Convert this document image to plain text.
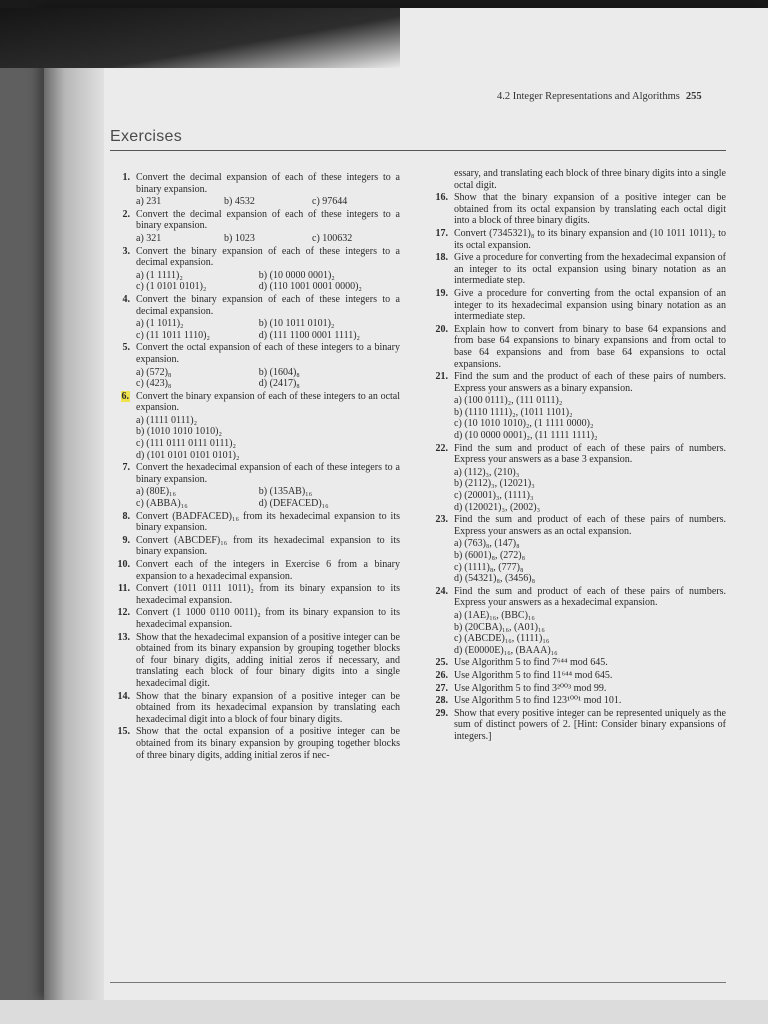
4.2 Integer Representations and Algorithms 255
Exercises
1. Convert the decimal expansion of each of these integers to a binary expansion.
a) 231	b) 4532	c) 97644
2. Convert the decimal expansion of each of these integers to a binary expansion.
a) 321	b) 1023	c) 100632
3. Convert the binary expansion of each of these integers to a decimal expansion.
a) (1 1111)₂	b) (10 0000 0001)₂
c) (1 0101 0101)₂	d) (110 1001 0001 0000)₂
4. Convert the binary expansion of each of these integers to a decimal expansion.
a) (1 1011)₂	b) (10 1011 0101)₂
c) (11 1011 1110)₂	d) (111 1100 0001 1111)₂
5. Convert the octal expansion of each of these integers to a binary expansion.
a) (572)₈	b) (1604)₈
c) (423)₈	d) (2417)₈
6. Convert the binary expansion of each of these integers to an octal expansion.
a) (1111 0111)₂
b) (1010 1010 1010)₂
c) (111 0111 0111 0111)₂
d) (101 0101 0101 0101)₂
7. Convert the hexadecimal expansion of each of these integers to a binary expansion.
a) (80E)₁₆	b) (135AB)₁₆
c) (ABBA)₁₆	d) (DEFACED)₁₆
8. Convert (BADFACED)₁₆ from its hexadecimal expansion to its binary expansion.
9. Convert (ABCDEF)₁₆ from its hexadecimal expansion to its binary expansion.
10. Convert each of the integers in Exercise 6 from a binary expansion to a hexadecimal expansion.
11. Convert (1011 0111 1011)₂ from its binary expansion to its hexadecimal expansion.
12. Convert (1 1000 0110 0011)₂ from its binary expansion to its hexadecimal expansion.
13. Show that the hexadecimal expansion of a positive integer can be obtained from its binary expansion by grouping together blocks of four binary digits, adding initial zeros if necessary, and translating each block of four binary digits into a single hexadecimal digit.
14. Show that the binary expansion of a positive integer can be obtained from its hexadecimal expansion by translating each hexadecimal digit into a block of four binary digits.
15. Show that the octal expansion of a positive integer can be obtained from its binary expansion by grouping together blocks of three binary digits, adding initial zeros if nec-
essary, and translating each block of three binary digits into a single octal digit.
16. Show that the binary expansion of a positive integer can be obtained from its octal expansion by translating each octal digit into a block of three binary digits.
17. Convert (7345321)₈ to its binary expansion and (10 1011 1011)₂ to its octal expansion.
18. Give a procedure for converting from the hexadecimal expansion of an integer to its octal expansion using binary notation as an intermediate step.
19. Give a procedure for converting from the octal expansion of an integer to its hexadecimal expansion using binary notation as an intermediate step.
20. Explain how to convert from binary to base 64 expansions and from base 64 expansions to binary expansions and from octal to base 64 expansions and from base 64 expansions to octal expansions.
21. Find the sum and the product of each of these pairs of numbers. Express your answers as a binary expansion.
a) (100 0111)₂, (111 0111)₂
b) (1110 1111)₂, (1011 1101)₂
c) (10 1010 1010)₂, (1 1111 0000)₂
d) (10 0000 0001)₂, (11 1111 1111)₂
22. Find the sum and product of each of these pairs of numbers. Express your answers as a base 3 expansion.
a) (112)₃, (210)₃
b) (2112)₃, (12021)₃
c) (20001)₃, (1111)₃
d) (120021)₃, (2002)₃
23. Find the sum and product of each of these pairs of numbers. Express your answers as an octal expansion.
a) (763)₈, (147)₈
b) (6001)₈, (272)₈
c) (1111)₈, (777)₈
d) (54321)₈, (3456)₈
24. Find the sum and product of each of these pairs of numbers. Express your answers as a hexadecimal expansion.
a) (1AE)₁₆, (BBC)₁₆
b) (20CBA)₁₆, (A01)₁₆
c) (ABCDE)₁₆, (1111)₁₆
d) (E0000E)₁₆, (BAAA)₁₆
25. Use Algorithm 5 to find 7⁶⁴⁴ mod 645.
26. Use Algorithm 5 to find 11⁶⁴⁴ mod 645.
27. Use Algorithm 5 to find 3²⁰⁰³ mod 99.
28. Use Algorithm 5 to find 123¹⁰⁰¹ mod 101.
29. Show that every positive integer can be represented uniquely as the sum of distinct powers of 2. [Hint: Consider binary expansions of integers.]
